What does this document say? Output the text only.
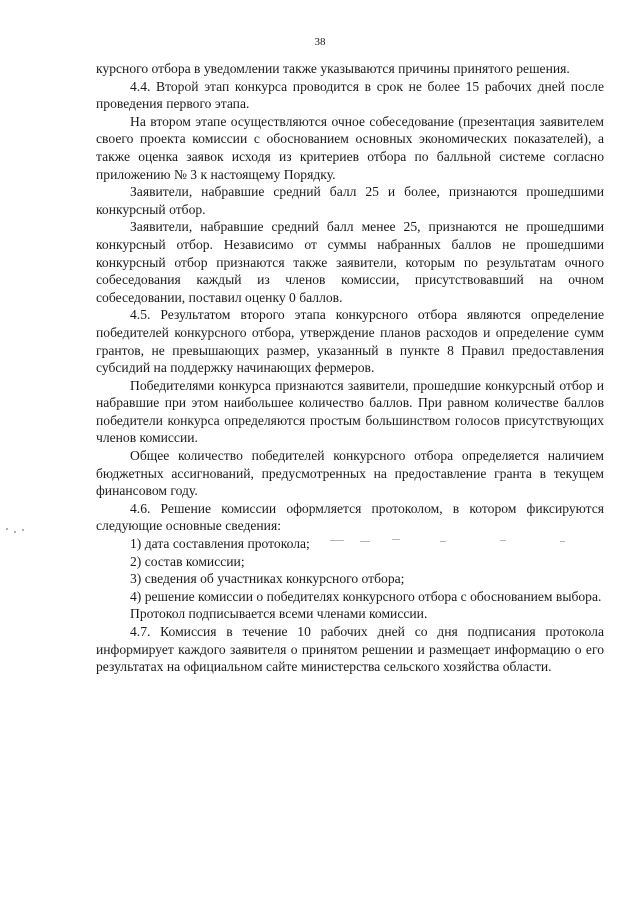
38

курсного отбора в уведомлении также указываются причины принятого решения.

4.4. Второй этап конкурса проводится в срок не более 15 рабочих дней после проведения первого этапа.

На втором этапе осуществляются очное собеседование (презентация заявителем своего проекта комиссии с обоснованием основных экономических показателей), а также оценка заявок исходя из критериев отбора по балльной системе согласно приложению № 3 к настоящему Порядку.

Заявители, набравшие средний балл 25 и более, признаются прошедшими конкурсный отбор.

Заявители, набравшие средний балл менее 25, признаются не прошедшими конкурсный отбор. Независимо от суммы набранных баллов не прошедшими конкурсный отбор признаются также заявители, которым по результатам очного собеседования каждый из членов комиссии, присутствовавший на очном собеседовании, поставил оценку 0 баллов.

4.5. Результатом второго этапа конкурсного отбора являются определение победителей конкурсного отбора, утверждение планов расходов и определение сумм грантов, не превышающих размер, указанный в пункте 8 Правил предоставления субсидий на поддержку начинающих фермеров.

Победителями конкурса признаются заявители, прошедшие конкурсный отбор и набравшие при этом наибольшее количество баллов. При равном количестве баллов победители конкурса определяются простым большинством голосов присутствующих членов комиссии.

Общее количество победителей конкурсного отбора определяется наличием бюджетных ассигнований, предусмотренных на предоставление гранта в текущем финансовом году.

4.6. Решение комиссии оформляется протоколом, в котором фиксируются следующие основные сведения:

1) дата составления протокола;

2) состав комиссии;

3) сведения об участниках конкурсного отбора;

4) решение комиссии о победителях конкурсного отбора с обоснованием выбора.

Протокол подписывается всеми членами комиссии.

4.7. Комиссия в течение 10 рабочих дней со дня подписания протокола информирует каждого заявителя о принятом решении и размещает информацию о его результатах на официальном сайте министерства сельского хозяйства области.
